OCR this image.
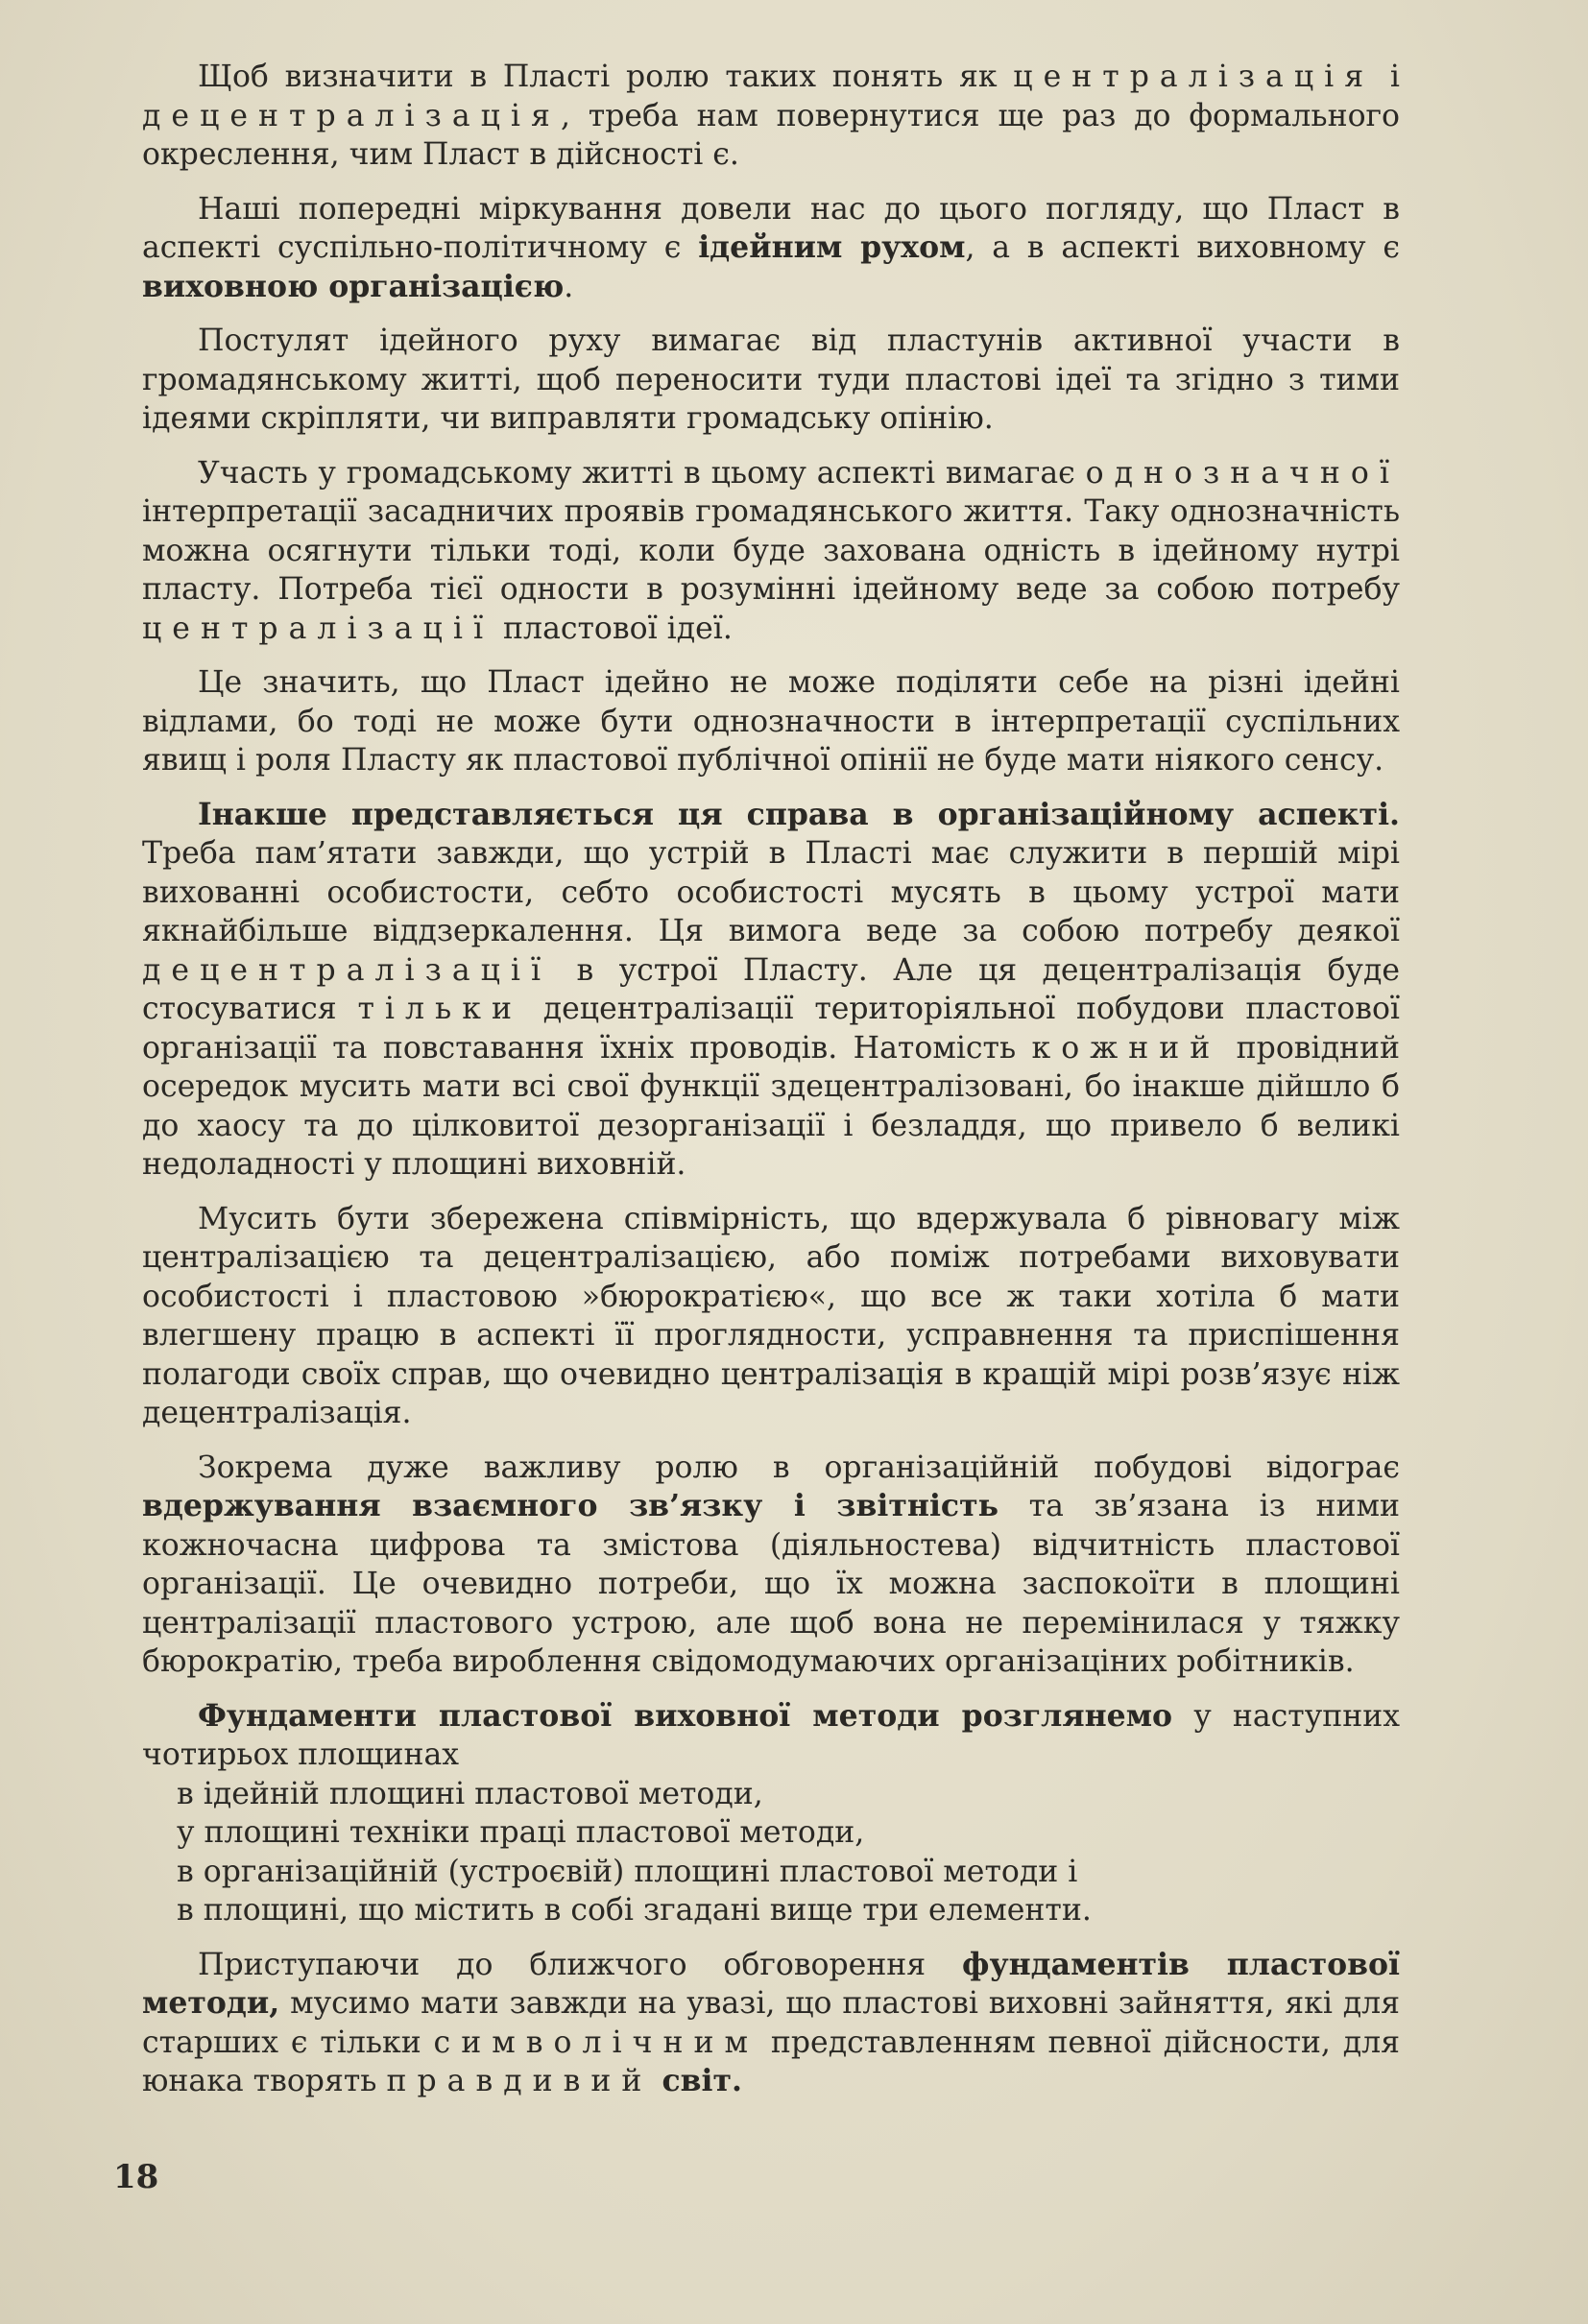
Щоб визначити в Пласті ролю таких понять як централізація і децентралізація, треба нам повернутися ще раз до формального окреслення, чим Пласт в дійсності є.

Наші попередні міркування довели нас до цього погляду, що Пласт в аспекті суспільно-політичному є ідейним рухом, а в аспекті виховному є виховною організацією.

Постулят ідейного руху вимагає від пластунів активної участи в громадянському житті, щоб переносити туди пластові ідеї та згідно з тими ідеями скріпляти, чи виправляти громадську опінію.

Участь у громадському житті в цьому аспекті вимагає однозначної інтерпретації засадничих проявів громадянського життя. Таку однозначність можна осягнути тільки тоді, коли буде захована одність в ідейному нутрі пласту. Потреба тієї одности в розумінні ідейному веде за собою потребу централізації пластової ідеї.

Це значить, що Пласт ідейно не може поділяти себе на різні ідейні відлами, бо тоді не може бути однозначности в інтерпретації суспільних явищ і роля Пласту як пластової публічної опінії не буде мати ніякого сенсу.

Інакше представляється ця справа в організаційному аспекті. Треба пам’ятати завжди, що устрій в Пласті має служити в першій мірі вихованні особистости, себто особистості мусять в цьому устрої мати якнайбільше віддзеркалення. Ця вимога веде за собою потребу деякої децентралізації в устрої Пласту. Але ця децентралізація буде стосуватися тільки децентралізації територіяльної побудови пластової організації та повставання їхніх проводів. Натомість кожний провідний осередок мусить мати всі свої функції здецентралізовані, бо інакше дійшло б до хаосу та до цілковитої дезорганізації і безладдя, що привело б великі недоладності у площині виховній.

Мусить бути збережена співмірність, що вдержувала б рівновагу між централізацією та децентралізацією, або поміж потребами виховувати особистості і пластовою »бюрократією«, що все ж таки хотіла б мати влегшену працю в аспекті її проглядности, усправнення та приспішення полагоди своїх справ, що очевидно централізація в кращій мірі розв’язує ніж децентралізація.

Зокрема дуже важливу ролю в організаційній побудові відограє вдержування взаємного зв’язку і звітність та зв’язана із ними кожночасна цифрова та змістова (діяльностева) відчитність пластової організації. Це очевидно потреби, що їх можна заспокоїти в площині централізації пластового устрою, але щоб вона не перемінилася у тяжку бюрократію, треба вироблення свідомодумаючих організаціних робітників.

Фундаменти пластової виховної методи розглянемо у наступних чотирьох площинах

в ідейній площині пластової методи,

у площині техніки праці пластової методи,

в організаційній (устроєвій) площині пластової методи і

в площині, що містить в собі згадані вище три елементи.

Приступаючи до ближчого обговорення фундаментів пластової методи, мусимо мати завжди на увазі, що пластові виховні зайняття, які для старших є тільки символічним представленням певної дійсности, для юнака творять правдивий світ.

18
